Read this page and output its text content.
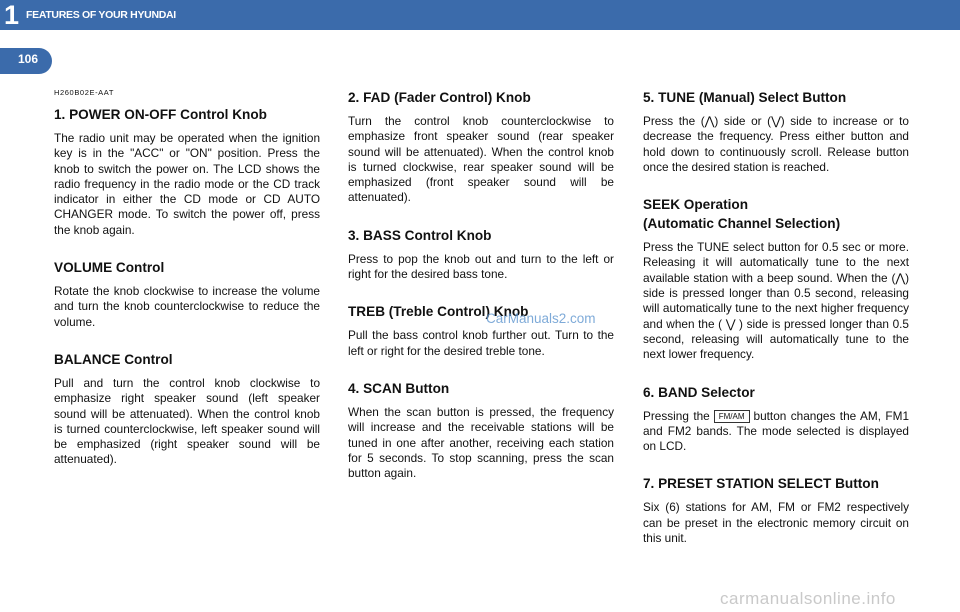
1 FEATURES OF YOUR HYUNDAI
106
H260B02E-AAT
1. POWER ON-OFF Control Knob

The radio unit may be operated when the ignition key is in the "ACC" or "ON" position. Press the knob to switch the power on. The LCD shows the radio frequency in the radio mode or the CD track indicator in either the CD mode or CD AUTO CHANGER mode. To switch the power off, press the knob again.

VOLUME Control

Rotate the knob clockwise to increase the volume and turn the knob counterclockwise to reduce the volume.

BALANCE Control

Pull and turn the control knob clockwise to emphasize right speaker sound (left speaker sound will be attenuated). When the control knob is turned counterclockwise, left speaker sound will be emphasized (right speaker sound will be attenuated).

2. FAD (Fader Control) Knob

Turn the control knob counterclockwise to emphasize front speaker sound (rear speaker sound will be attenuated). When the control knob is turned clockwise, rear speaker sound will be emphasized (front speaker sound will be attenuated).

3. BASS Control Knob

Press to pop the knob out and turn to the left or right for the desired bass tone.

TREB (Treble Control) Knob

Pull the bass control knob further out. Turn to the left or right for the desired treble tone.

4. SCAN Button

When the scan button is pressed, the frequency will increase and the receivable stations will be tuned in one after another, receiving each station for 5 seconds. To stop scanning, press the scan button again.

5. TUNE (Manual) Select Button

Press the (⋀) side or (⋁) side to increase or to decrease the frequency. Press either button and hold down to continuously scroll. Release button once the desired station is reached.

SEEK Operation
(Automatic Channel Selection)

Press the TUNE select button for 0.5 sec or more. Releasing it will automatically tune to the next available station with a beep sound. When the (⋀) side is pressed longer than 0.5 second, releasing will automatically tune to the next higher frequency and when the ( ⋁ ) side is pressed longer than 0.5 second, releasing will automatically tune to the next lower frequency.

6. BAND Selector

Pressing the FM/AM button changes the AM, FM1 and FM2 bands. The mode selected is displayed on LCD.

7. PRESET STATION SELECT Button

Six (6) stations for AM, FM or FM2 respectively can be preset in the electronic memory circuit on this unit.

CarManuals2.com
carmanualsonline.info
